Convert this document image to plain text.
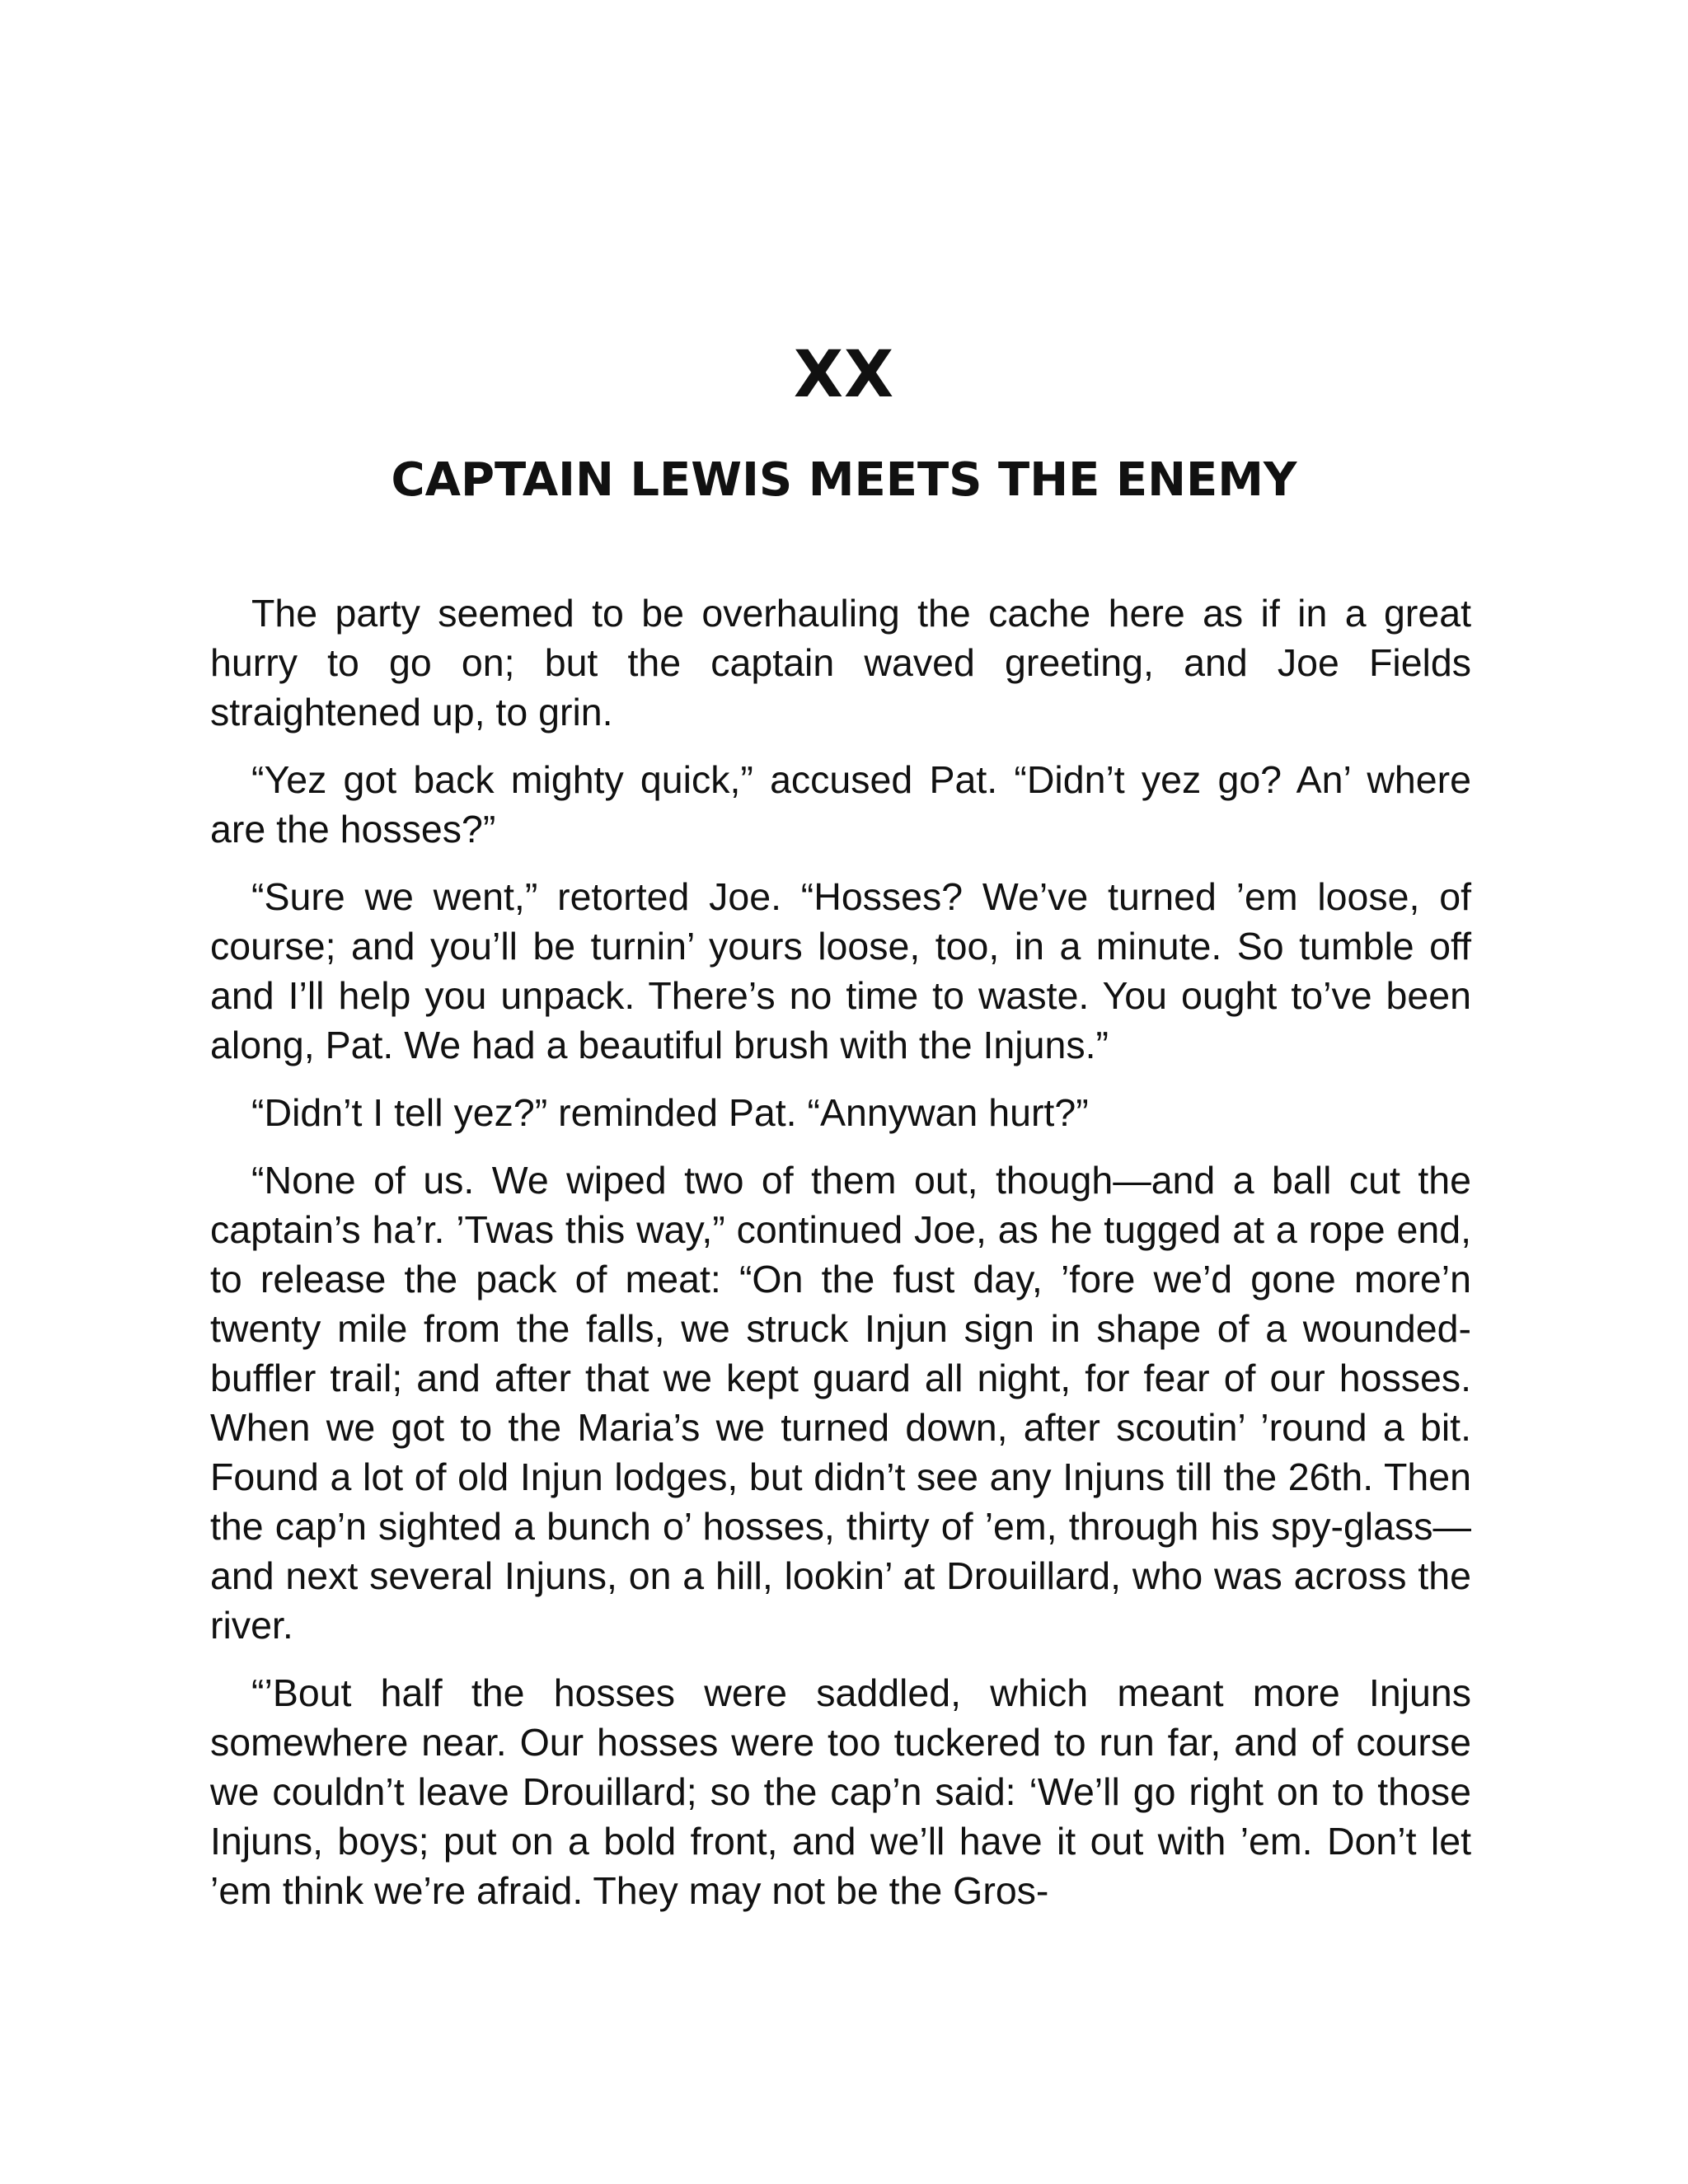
XX
CAPTAIN LEWIS MEETS THE ENEMY

The party seemed to be overhauling the cache here as if in a great hurry to go on; but the captain waved greeting, and Joe Fields straightened up, to grin.

“Yez got back mighty quick,” accused Pat. “Didn’t yez go? An’ where are the hosses?”

“Sure we went,” retorted Joe. “Hosses? We’ve turned ’em loose, of course; and you’ll be turnin’ yours loose, too, in a minute. So tumble off and I’ll help you unpack. There’s no time to waste. You ought to’ve been along, Pat. We had a beautiful brush with the Injuns.”

“Didn’t I tell yez?” reminded Pat. “Annywan hurt?”

“None of us. We wiped two of them out, though—and a ball cut the captain’s ha’r. ’Twas this way,” continued Joe, as he tugged at a rope end, to release the pack of meat: “On the fust day, ’fore we’d gone more’n twenty mile from the falls, we struck Injun sign in shape of a wounded-buffler trail; and after that we kept guard all night, for fear of our hosses. When we got to the Maria’s we turned down, after scoutin’ ’round a bit. Found a lot of old Injun lodges, but didn’t see any Injuns till the 26th. Then the cap’n sighted a bunch o’ hosses, thirty of ’em, through his spy-glass—and next several Injuns, on a hill, lookin’ at Drouillard, who was across the river.

“’Bout half the hosses were saddled, which meant more Injuns somewhere near. Our hosses were too tuckered to run far, and of course we couldn’t leave Drouillard; so the cap’n said: ‘We’ll go right on to those Injuns, boys; put on a bold front, and we’ll have it out with ’em. Don’t let ’em think we’re afraid. They may not be the Gros-
